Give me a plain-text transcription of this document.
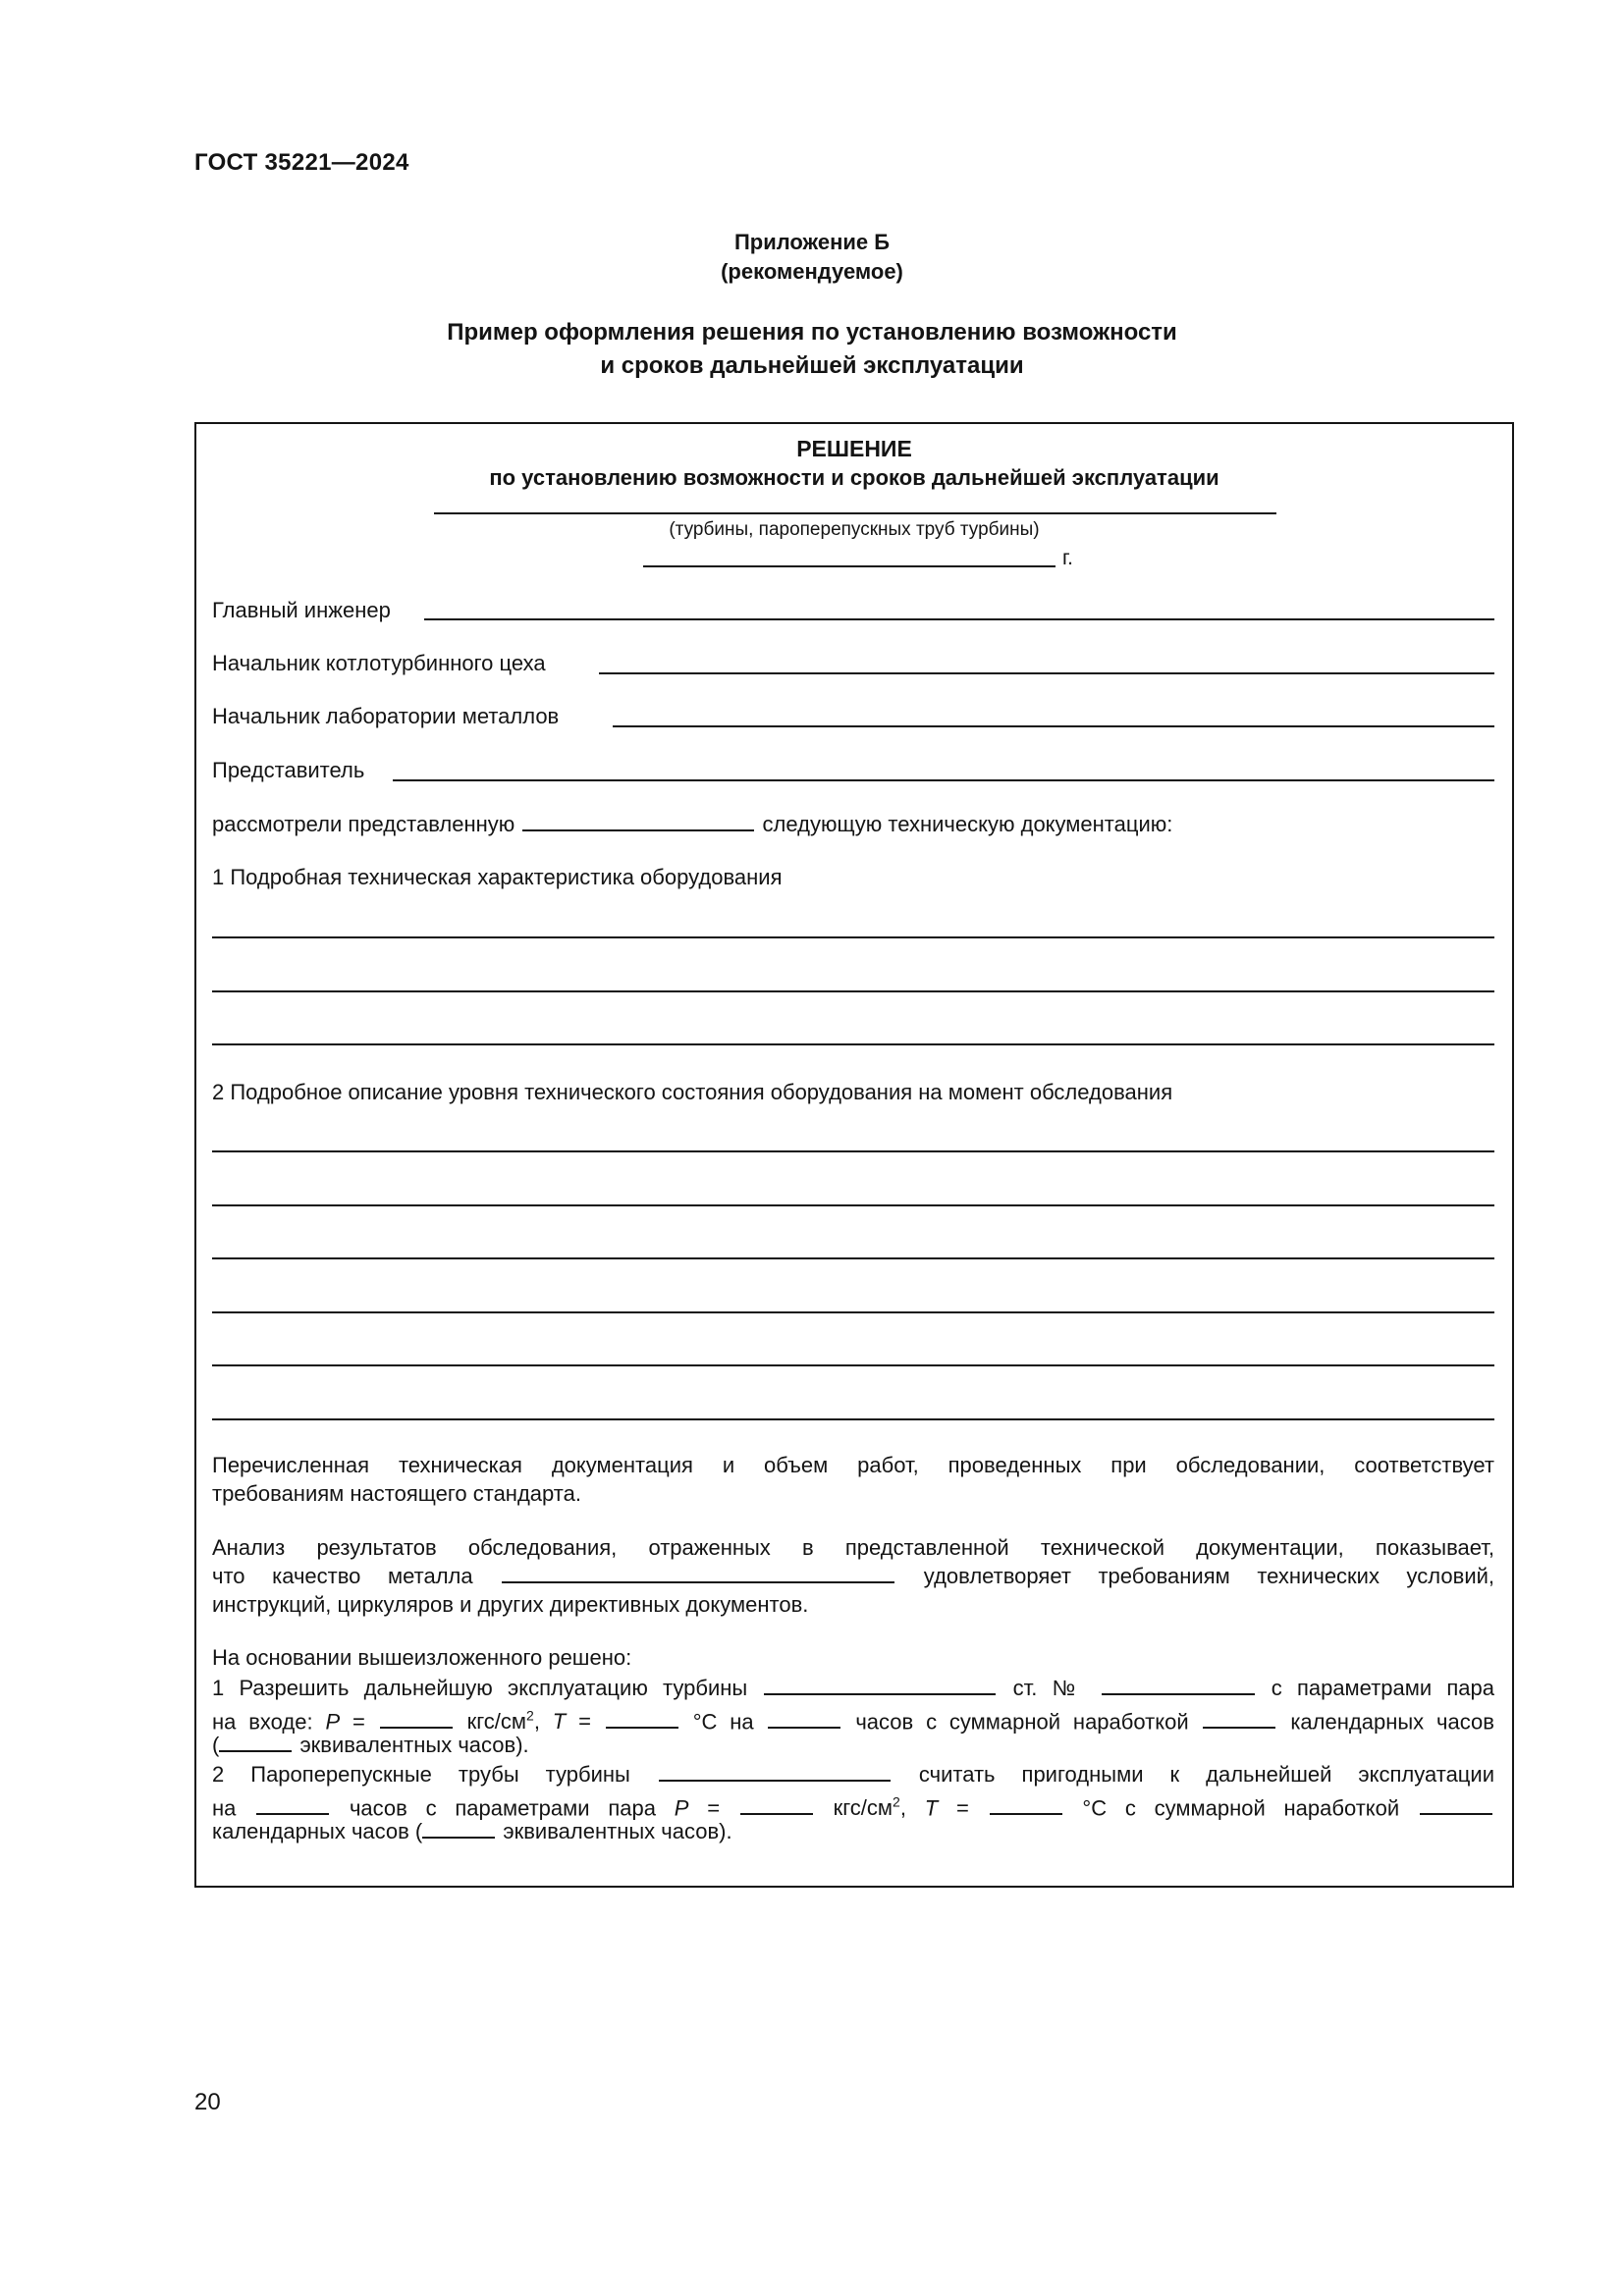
ГОСТ 35221—2024
Приложение Б
(рекомендуемое)
Пример оформления решения по установлению возможности
и сроков дальнейшей эксплуатации
РЕШЕНИЕ
по установлению возможности и сроков дальнейшей эксплуатации
(турбины, пароперепускных труб турбины)
г.
Главный инженер
Начальник котлотурбинного цеха
Начальник лаборатории металлов
Представитель
рассмотрели представленную	следующую техническую документацию:
1 Подробная техническая характеристика оборудования
2 Подробное описание уровня технического состояния оборудования на момент обследования
Перечисленная техническая документация и объем работ, проведенных при обследовании, соответствует
требованиям настоящего стандарта.
Анализ результатов обследования, отраженных в представленной технической документации, показывает,
что качество металла	удовлетворяет требованиям технических условий,
инструкций, циркуляров и других директивных документов.
На основании вышеизложенного решено:
1 Разрешить дальнейшую эксплуатацию турбины	ст. №	с параметрами пара
на входе: P =	кгс/$см^2$, T =	°С на	часов с суммарной наработкой	календарных часов
(	эквивалентных часов).
2 Пароперепускные трубы турбины	считать пригодными к дальнейшей эксплуатации
на	часов с параметрами пара P =	кгс/$см^2$, T =	°С с суммарной наработкой
календарных часов (	эквивалентных часов).
20
